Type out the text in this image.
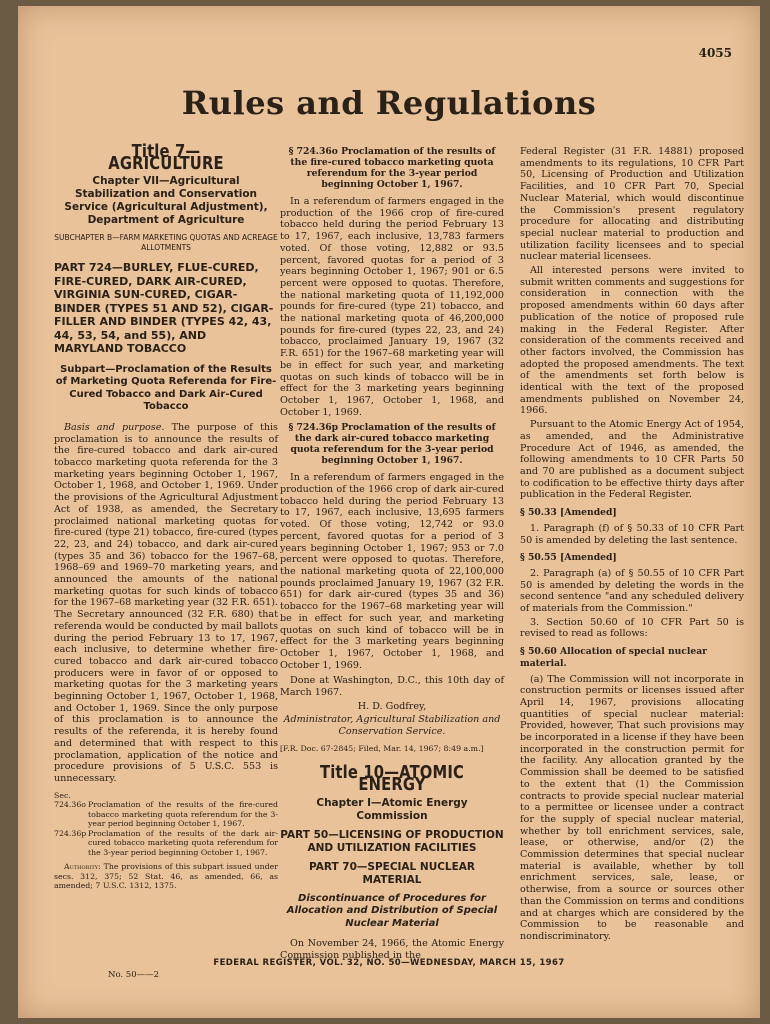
4055
Rules and Regulations
Title 7—AGRICULTURE
Chapter VII—Agricultural Stabilization and Conservation Service (Agricultural Adjustment), Department of Agriculture
SUBCHAPTER B—FARM MARKETING QUOTAS AND ACREAGE ALLOTMENTS
PART 724—BURLEY, FLUE-CURED, FIRE-CURED, DARK AIR-CURED, VIRGINIA SUN-CURED, CIGAR-BINDER (TYPES 51 AND 52), CIGAR-FILLER AND BINDER (TYPES 42, 43, 44, 53, 54, and 55), AND MARYLAND TOBACCO
Subpart—Proclamation of the Results of Marketing Quota Referenda for Fire-Cured Tobacco and Dark Air-Cured Tobacco

Basis and purpose. The purpose of this proclamation is to announce the results of the fire-cured tobacco and dark air-cured tobacco marketing quota referenda for the 3 marketing years beginning October 1, 1967, October 1, 1968, and October 1, 1969. Under the provisions of the Agricultural Adjustment Act of 1938, as amended, the Secretary proclaimed national marketing quotas for fire-cured (type 21) tobacco, fire-cured (types 22, 23, and 24) tobacco, and dark air-cured (types 35 and 36) tobacco for the 1967–68, 1968–69 and 1969–70 marketing years, and announced the amounts of the national marketing quotas for such kinds of tobacco for the 1967–68 marketing year (32 F.R. 651). The Secretary announced (32 F.R. 680) that referenda would be conducted by mail ballots during the period February 13 to 17, 1967, each inclusive, to determine whether fire-cured tobacco and dark air-cured tobacco producers were in favor of or opposed to marketing quotas for the 3 marketing years beginning October 1, 1967, October 1, 1968, and October 1, 1969. Since the only purpose of this proclamation is to announce the results of the referenda, it is hereby found and determined that with respect to this proclamation, application of the notice and procedure provisions of 5 U.S.C. 553 is unnecessary.

Sec.
724.36o Proclamation of the results of the fire-cured tobacco marketing quota referendum for the 3-year period beginning October 1, 1967.
724.36p Proclamation of the results of the dark air-cured tobacco marketing quota referendum for the 3-year period beginning October 1, 1967.

Authority: The provisions of this subpart issued under secs. 312, 375; 52 Stat. 46, as amended, 66, as amended; 7 U.S.C. 1312, 1375.

§ 724.36o Proclamation of the results of the fire-cured tobacco marketing quota referendum for the 3-year period beginning October 1, 1967.

In a referendum of farmers engaged in the production of the 1966 crop of fire-cured tobacco held during the period February 13 to 17, 1967, each inclusive, 13,783 farmers voted. Of those voting, 12,882 or 93.5 percent, favored quotas for a period of 3 years beginning October 1, 1967; 901 or 6.5 percent were opposed to quotas. Therefore, the national marketing quota of 11,192,000 pounds for fire-cured (type 21) tobacco, and the national marketing quota of 46,200,000 pounds for fire-cured (types 22, 23, and 24) tobacco, proclaimed January 19, 1967 (32 F.R. 651) for the 1967–68 marketing year will be in effect for such year, and marketing quotas on such kinds of tobacco will be in effect for the 3 marketing years beginning October 1, 1967, October 1, 1968, and October 1, 1969.

§ 724.36p Proclamation of the results of the dark air-cured tobacco marketing quota referendum for the 3-year period beginning October 1, 1967.

In a referendum of farmers engaged in the production of the 1966 crop of dark air-cured tobacco held during the period February 13 to 17, 1967, each inclusive, 13,695 farmers voted. Of those voting, 12,742 or 93.0 percent, favored quotas for a period of 3 years beginning October 1, 1967; 953 or 7.0 percent were opposed to quotas. Therefore, the national marketing quota of 22,100,000 pounds proclaimed January 19, 1967 (32 F.R. 651) for dark air-cured (types 35 and 36) tobacco for the 1967–68 marketing year will be in effect for such year, and marketing quotas on such kind of tobacco will be in effect for the 3 marketing years beginning October 1, 1967, October 1, 1968, and October 1, 1969.

Done at Washington, D.C., this 10th day of March 1967.

H. D. Godfrey,
Administrator, Agricultural Stabilization and Conservation Service.
[F.R. Doc. 67-2845; Filed, Mar. 14, 1967; 8:49 a.m.]
Title 10—ATOMIC ENERGY
Chapter I—Atomic Energy Commission
PART 50—LICENSING OF PRODUCTION AND UTILIZATION FACILITIES
PART 70—SPECIAL NUCLEAR MATERIAL
Discontinuance of Procedures for Allocation and Distribution of Special Nuclear Material

On November 24, 1966, the Atomic Energy Commission published in the

Federal Register (31 F.R. 14881) proposed amendments to its regulations, 10 CFR Part 50, Licensing of Production and Utilization Facilities, and 10 CFR Part 70, Special Nuclear Material, which would discontinue the Commission's present regulatory procedure for allocating and distributing special nuclear material to production and utilization facility licensees and to special nuclear material licensees.

All interested persons were invited to submit written comments and suggestions for consideration in connection with the proposed amendments within 60 days after publication of the notice of proposed rule making in the Federal Register. After consideration of the comments received and other factors involved, the Commission has adopted the proposed amendments. The text of the amendments set forth below is identical with the text of the proposed amendments published on November 24, 1966.

Pursuant to the Atomic Energy Act of 1954, as amended, and the Administrative Procedure Act of 1946, as amended, the following amendments to 10 CFR Parts 50 and 70 are published as a document subject to codification to be effective thirty days after publication in the Federal Register.

§ 50.33 [Amended]

1. Paragraph (f) of § 50.33 of 10 CFR Part 50 is amended by deleting the last sentence.

§ 50.55 [Amended]

2. Paragraph (a) of § 50.55 of 10 CFR Part 50 is amended by deleting the words in the second sentence "and any scheduled delivery of materials from the Commission."

3. Section 50.60 of 10 CFR Part 50 is revised to read as follows:

§ 50.60 Allocation of special nuclear material.

(a) The Commission will not incorporate in construction permits or licenses issued after April 14, 1967, provisions allocating quantities of special nuclear material: Provided, however, That such provisions may be incorporated in a license if they have been incorporated in the construction permit for the facility. Any allocation granted by the Commission shall be deemed to be satisfied to the extent that (1) the Commission contracts to provide special nuclear material to a permittee or licensee under a contract for the supply of special nuclear material, whether by toll enrichment services, sale, lease, or otherwise, and/or (2) the Commission determines that special nuclear material is available, whether by toll enrichment services, sale, lease, or otherwise, from a source or sources other than the Commission on terms and conditions and at charges which are considered by the Commission to be reasonable and nondiscriminatory.

FEDERAL REGISTER, VOL. 32, NO. 50—WEDNESDAY, MARCH 15, 1967
No. 50——2
